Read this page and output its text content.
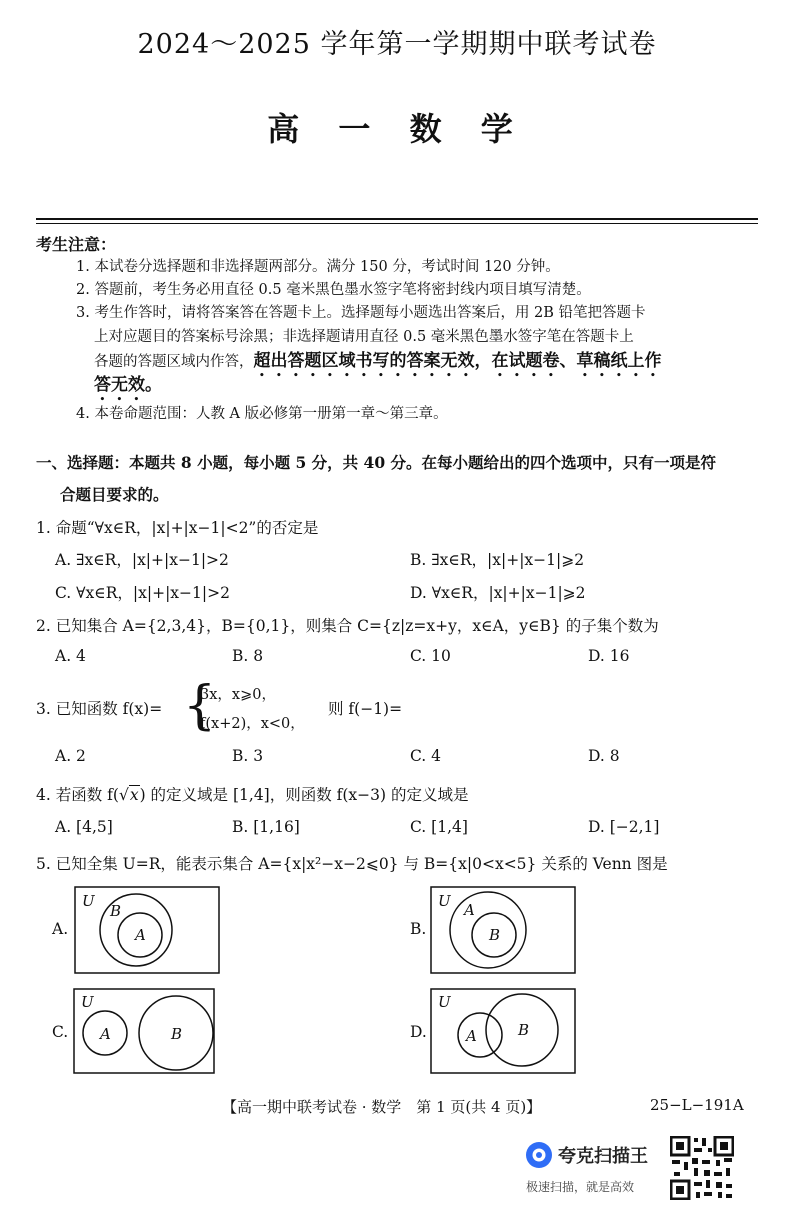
2024～2025 学年第一学期期中联考试卷
高 一 数 学
考生注意：
1. 本试卷分选择题和非选择题两部分。满分 150 分，考试时间 120 分钟。
2. 答题前，考生务必用直径 0.5 毫米黑色墨水签字笔将密封线内项目填写清楚。
3. 考生作答时，请将答案答在答题卡上。选择题每小题选出答案后，用 2B 铅笔把答题卡
上对应题目的答案标号涂黑；非选择题请用直径 0.5 毫米黑色墨水签字笔在答题卡上
各题的答题区域内作答，超出答题区域书写的答案无效，在试题卷、草稿纸上作
答无效。
4. 本卷命题范围：人教 A 版必修第一册第一章～第三章。
一、选择题：本题共 8 小题，每小题 5 分，共 40 分。在每小题给出的四个选项中，只有一项是符
合题目要求的。
1. 命题“∀x∈R，|x|+|x−1|<2”的否定是
A. ∃x∈R，|x|+|x−1|>2	B. ∃x∈R，|x|+|x−1|⩾2
C. ∀x∈R，|x|+|x−1|>2	D. ∀x∈R，|x|+|x−1|⩾2
2. 已知集合 A={2,3,4}，B={0,1}，则集合 C={z|z=x+y，x∈A，y∈B} 的子集个数为
A. 4	B. 8	C. 10	D. 16
3. 已知函数 f(x)= {
3x，x⩾0，
f(x+2)，x<0，
则 f(−1)=
A. 2	B. 3	C. 4	D. 8
4. 若函数 f(√x) 的定义域是 [1,4]，则函数 f(x−3) 的定义域是
A. [4,5]	B. [1,16]	C. [1,4]	D. [−2,1]
5. 已知全集 U=R，能表示集合 A={x|x²−x−2⩽0} 与 B={x|0<x<5} 关系的 Venn 图是
A.
U
B
A	B.
U A
B
C.
U
A	B	D.
U
A	B
【高一期中联考试卷 · 数学　第 1 页(共 4 页)】	25−L−191A
夸克扫描王
极速扫描，就是高效
